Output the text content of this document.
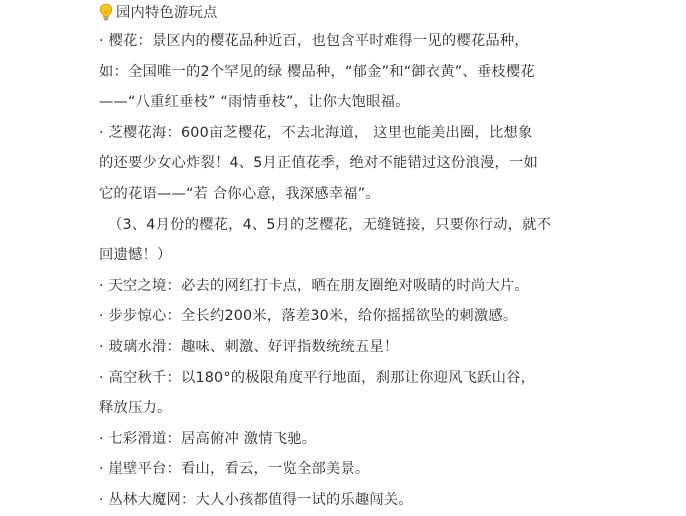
园内特色游玩点
· 樱花：景区内的樱花品种近百，也包含平时难得一见的樱花品种，
如：全国唯一的2个罕见的绿 樱品种，“郁金”和“御衣黄”、垂枝樱花
——“八重红垂枝” “雨情垂枝”，让你大饱眼福。
· 芝樱花海：600亩芝樱花，不去北海道， 这里也能美出圈，比想象
的还要少女心炸裂！4、5月正值花季，绝对不能错过这份浪漫，一如
它的花语——“若 合你心意，我深感幸福”。
（3、4月份的樱花，4、5月的芝樱花，无缝链接，只要你行动，就不
回遗憾！）
· 天空之境：必去的网红打卡点，晒在朋友圈绝对吸睛的时尚大片。
· 步步惊心：全长约200米，落差30米，给你摇摇欲坠的刺激感。
· 玻璃水滑：趣味、刺激、好评指数统统五星！
· 高空秋千：以180°的极限角度平行地面，刹那让你迎风飞跃山谷，
释放压力。
· 七彩滑道：居高俯冲 激情飞驰。
· 崖壁平台：看山，看云，一览全部美景。
· 丛林大魔网：大人小孩都值得一试的乐趣闯关。
